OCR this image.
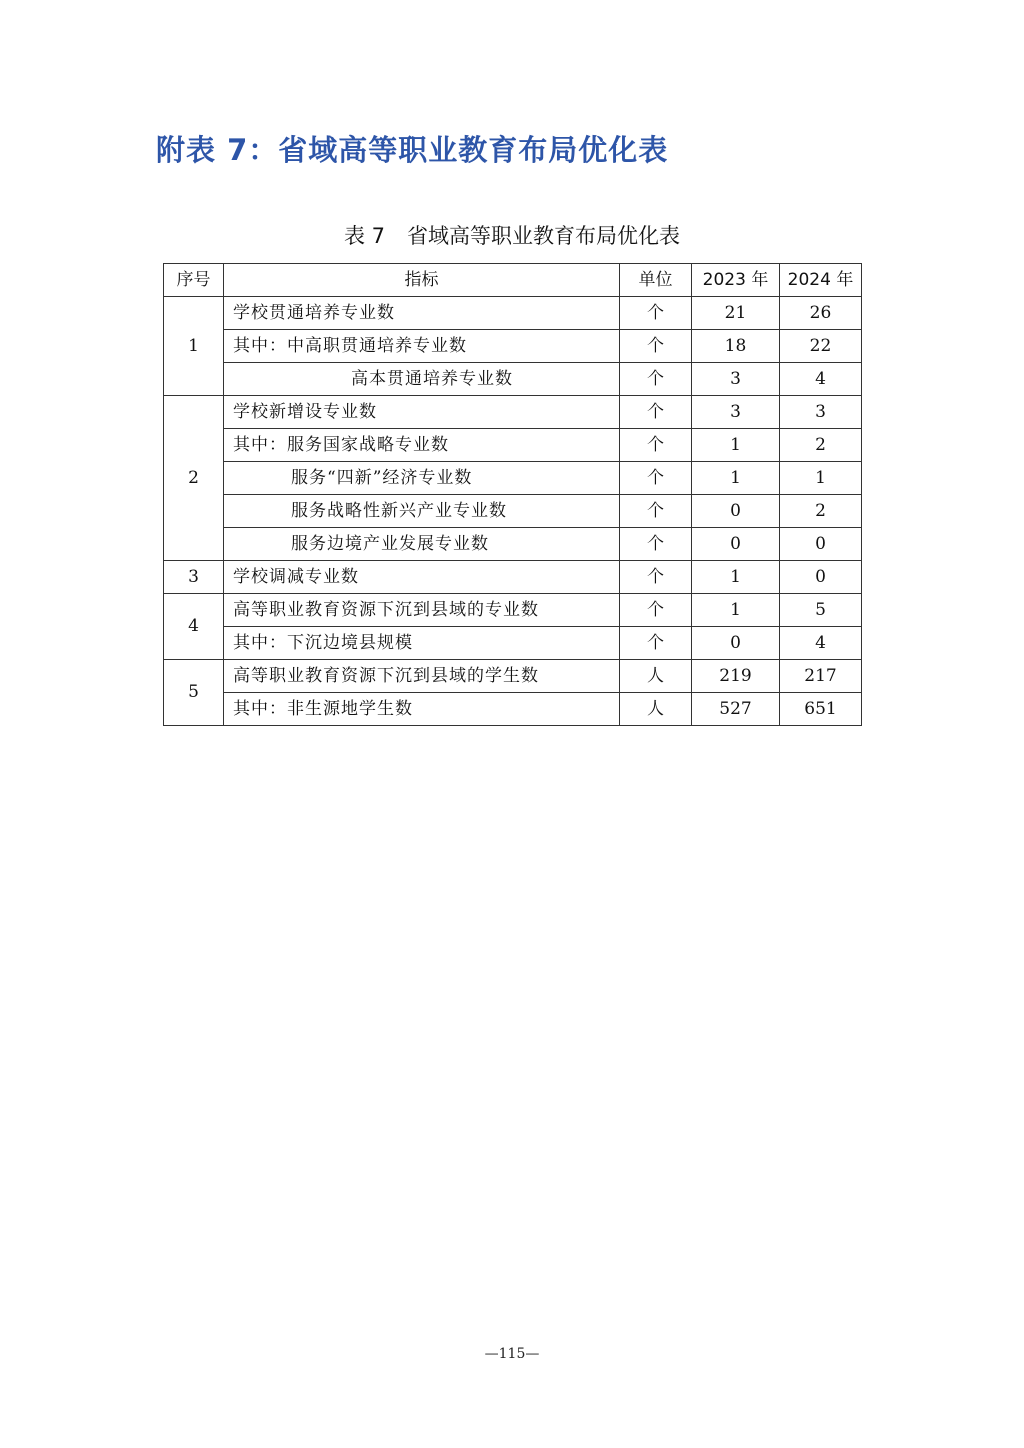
附表 7：省域高等职业教育布局优化表
表 7 省域高等职业教育布局优化表
序号	指标	单位	2023 年	2024 年
1	学校贯通培养专业数	个	21	26
	其中：中高职贯通培养专业数	个	18	22
	高本贯通培养专业数	个	3	4
2	学校新增设专业数	个	3	3
	其中：服务国家战略专业数	个	1	2
	服务“四新”经济专业数	个	1	1
	服务战略性新兴产业专业数	个	0	2
	服务边境产业发展专业数	个	0	0
3	学校调减专业数	个	1	0
4	高等职业教育资源下沉到县域的专业数	个	1	5
	其中：下沉边境县规模	个	0	4
5	高等职业教育资源下沉到县域的学生数	人	219	217
	其中：非生源地学生数	人	527	651
—115—
